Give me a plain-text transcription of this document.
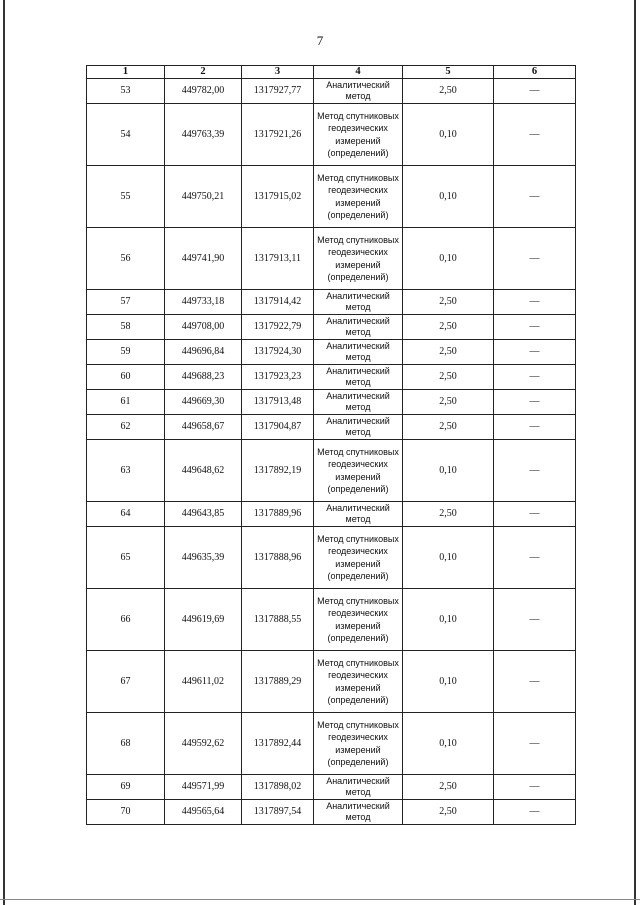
7
1	2	3	4	5	6
53	449782,00	1317927,77	Аналитический метод	2,50	—
54	449763,39	1317921,26	Метод спутниковых геодезических измерений (определений)	0,10	—
55	449750,21	1317915,02	Метод спутниковых геодезических измерений (определений)	0,10	—
56	449741,90	1317913,11	Метод спутниковых геодезических измерений (определений)	0,10	—
57	449733,18	1317914,42	Аналитический метод	2,50	—
58	449708,00	1317922,79	Аналитический метод	2,50	—
59	449696,84	1317924,30	Аналитический метод	2,50	—
60	449688,23	1317923,23	Аналитический метод	2,50	—
61	449669,30	1317913,48	Аналитический метод	2,50	—
62	449658,67	1317904,87	Аналитический метод	2,50	—
63	449648,62	1317892,19	Метод спутниковых геодезических измерений (определений)	0,10	—
64	449643,85	1317889,96	Аналитический метод	2,50	—
65	449635,39	1317888,96	Метод спутниковых геодезических измерений (определений)	0,10	—
66	449619,69	1317888,55	Метод спутниковых геодезических измерений (определений)	0,10	—
67	449611,02	1317889,29	Метод спутниковых геодезических измерений (определений)	0,10	—
68	449592,62	1317892,44	Метод спутниковых геодезических измерений (определений)	0,10	—
69	449571,99	1317898,02	Аналитический метод	2,50	—
70	449565,64	1317897,54	Аналитический метод	2,50	—
